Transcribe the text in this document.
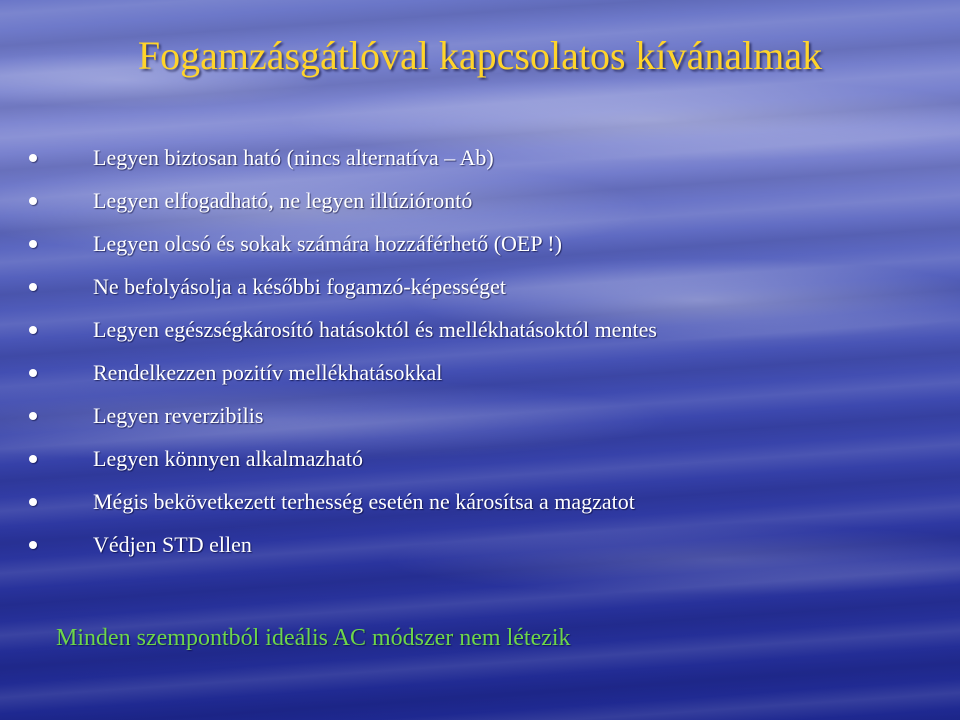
Fogamzásgátlóval kapcsolatos kívánalmak
Legyen biztosan ható (nincs alternatíva – Ab)
Legyen elfogadható, ne legyen illúziórontó
Legyen olcsó és sokak számára hozzáférhető (OEP !)
Ne befolyásolja a későbbi fogamzó-képességet
Legyen egészségkárosító hatásoktól és mellékhatásoktól mentes
Rendelkezzen pozitív mellékhatásokkal
Legyen reverzibilis
Legyen könnyen alkalmazható
Mégis bekövetkezett terhesség esetén ne károsítsa a magzatot
Védjen STD ellen

Minden szempontból ideális AC módszer nem létezik
